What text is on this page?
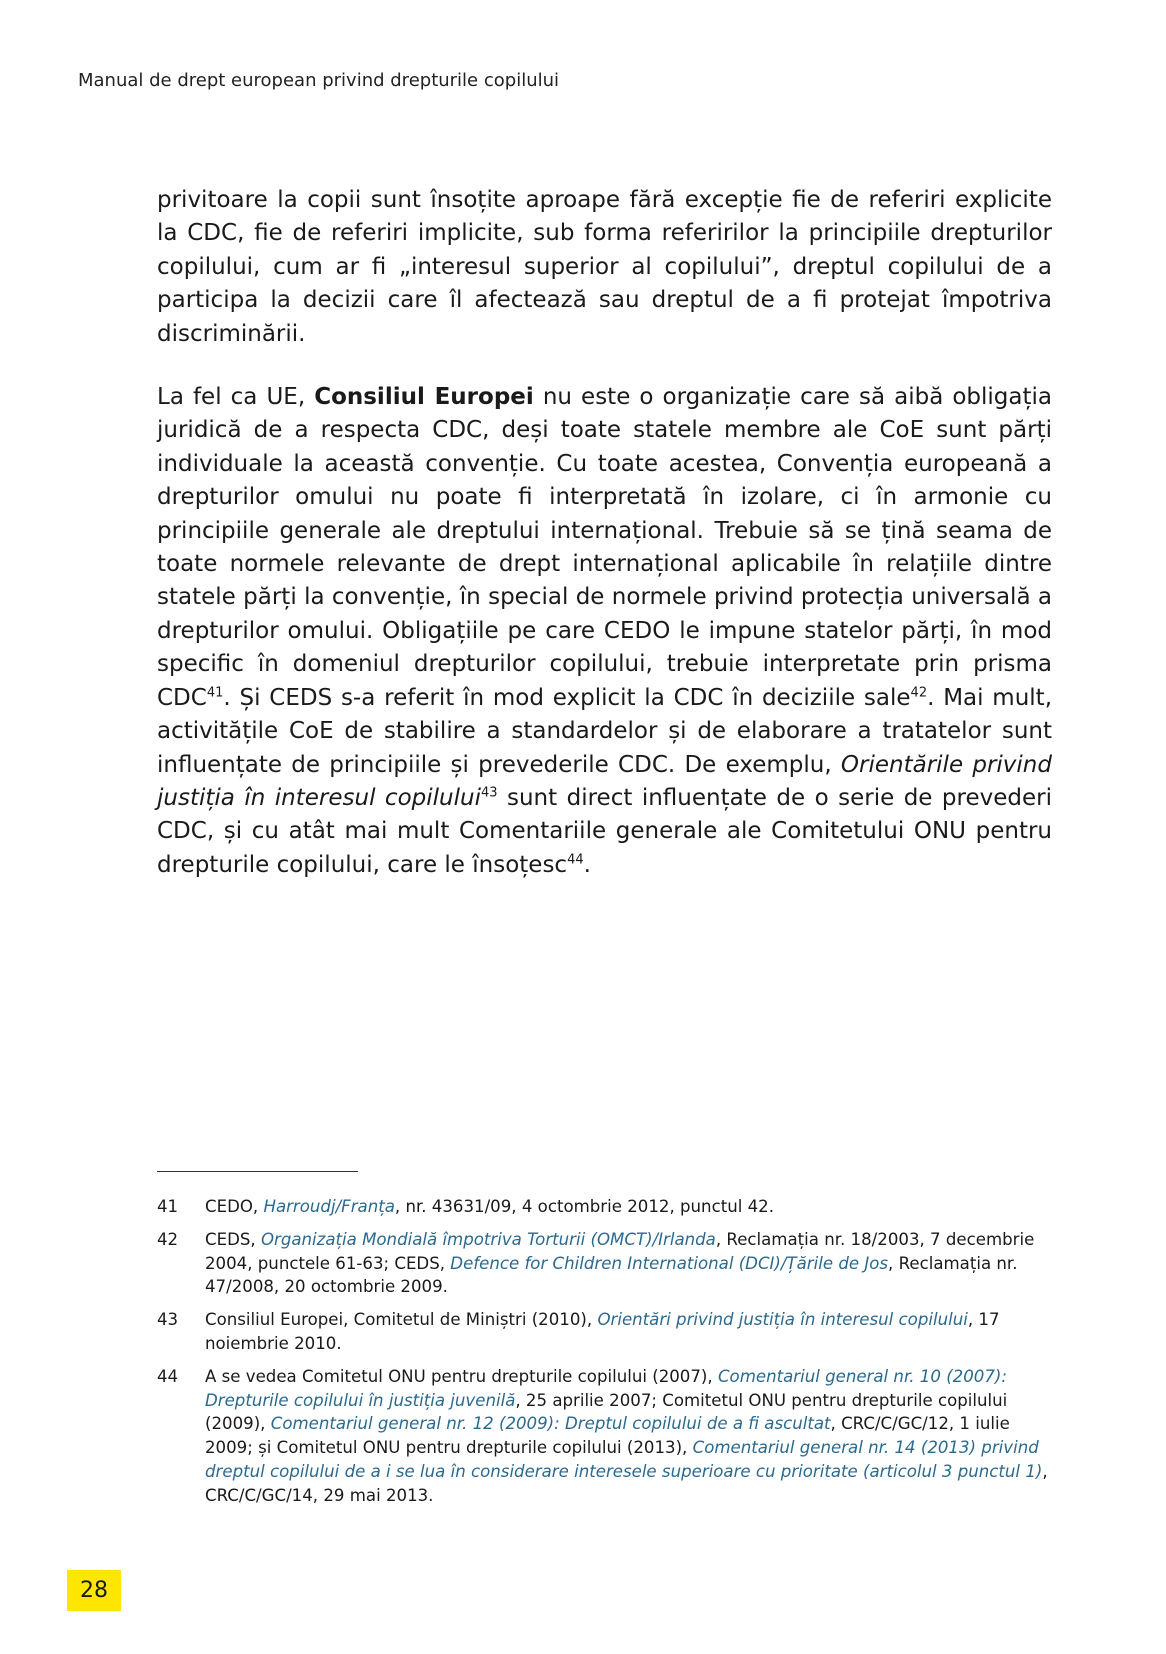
Manual de drept european privind drepturile copilului

privitoare la copii sunt însoțite aproape fără excepție fie de referiri explicite la CDC, fie de referiri implicite, sub forma referirilor la principiile drepturilor copilului, cum ar fi „interesul superior al copilului”, dreptul copilului de a participa la decizii care îl afectează sau dreptul de a fi protejat împotriva discriminării.

La fel ca UE, Consiliul Europei nu este o organizație care să aibă obligația juridică de a respecta CDC, deși toate statele membre ale CoE sunt părți individuale la această convenție. Cu toate acestea, Convenția europeană a drepturilor omului nu poate fi interpretată în izolare, ci în armonie cu principiile generale ale dreptului internațional. Trebuie să se țină seama de toate normele relevante de drept internațional aplicabile în relațiile dintre statele părți la convenție, în special de normele privind protecția universală a drepturilor omului. Obligațiile pe care CEDO le impune statelor părți, în mod specific în domeniul drepturilor copilului, trebuie interpretate prin prisma CDC$^{41}$. Și CEDS s-a referit în mod explicit la CDC în deciziile sale$^{42}$. Mai mult, activitățile CoE de stabilire a standardelor și de elaborare a tratatelor sunt influențate de principiile și prevederile CDC. De exemplu, Orientările privind justiția în interesul copilului$^{43}$ sunt direct influențate de o serie de prevederi CDC, și cu atât mai mult Comentariile generale ale Comitetului ONU pentru drepturile copilului, care le însoțesc$^{44}$.

41	CEDO, Harroudj/Franța, nr. 43631/09, 4 octombrie 2012, punctul 42.
42	CEDS, Organizația Mondială împotriva Torturii (OMCT)/Irlanda, Reclamația nr. 18/2003, 7 decembrie 2004, punctele 61-63; CEDS, Defence for Children International (DCI)/Țările de Jos, Reclamația nr. 47/2008, 20 octombrie 2009.
43	Consiliul Europei, Comitetul de Miniștri (2010), Orientări privind justiția în interesul copilului, 17 noiembrie 2010.
44	A se vedea Comitetul ONU pentru drepturile copilului (2007), Comentariul general nr. 10 (2007): Drepturile copilului în justiția juvenilă, 25 aprilie 2007; Comitetul ONU pentru drepturile copilului (2009), Comentariul general nr. 12 (2009): Dreptul copilului de a fi ascultat, CRC/C/GC/12, 1 iulie 2009; și Comitetul ONU pentru drepturile copilului (2013), Comentariul general nr. 14 (2013) privind dreptul copilului de a i se lua în considerare interesele superioare cu prioritate (articolul 3 punctul 1), CRC/C/GC/14, 29 mai 2013.
28
